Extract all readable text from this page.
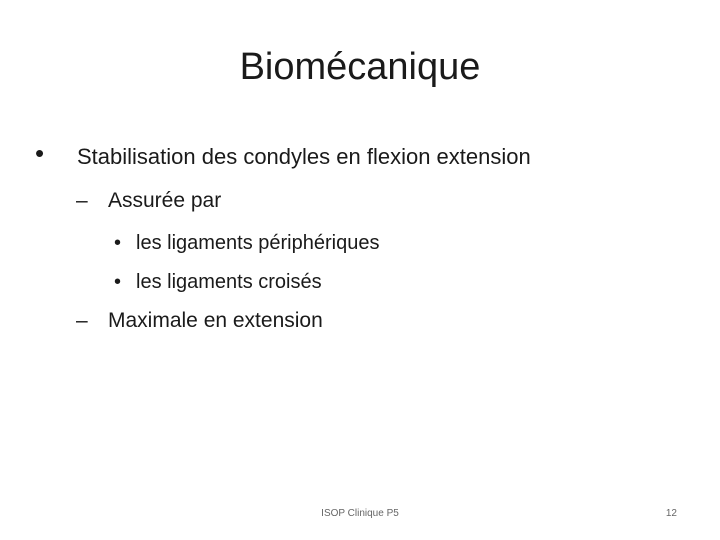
Biomécanique
• Stabilisation des condyles en flexion extension
– Assurée par
• les ligaments périphériques
• les ligaments croisés
– Maximale en extension
ISOP Clinique P5	12
